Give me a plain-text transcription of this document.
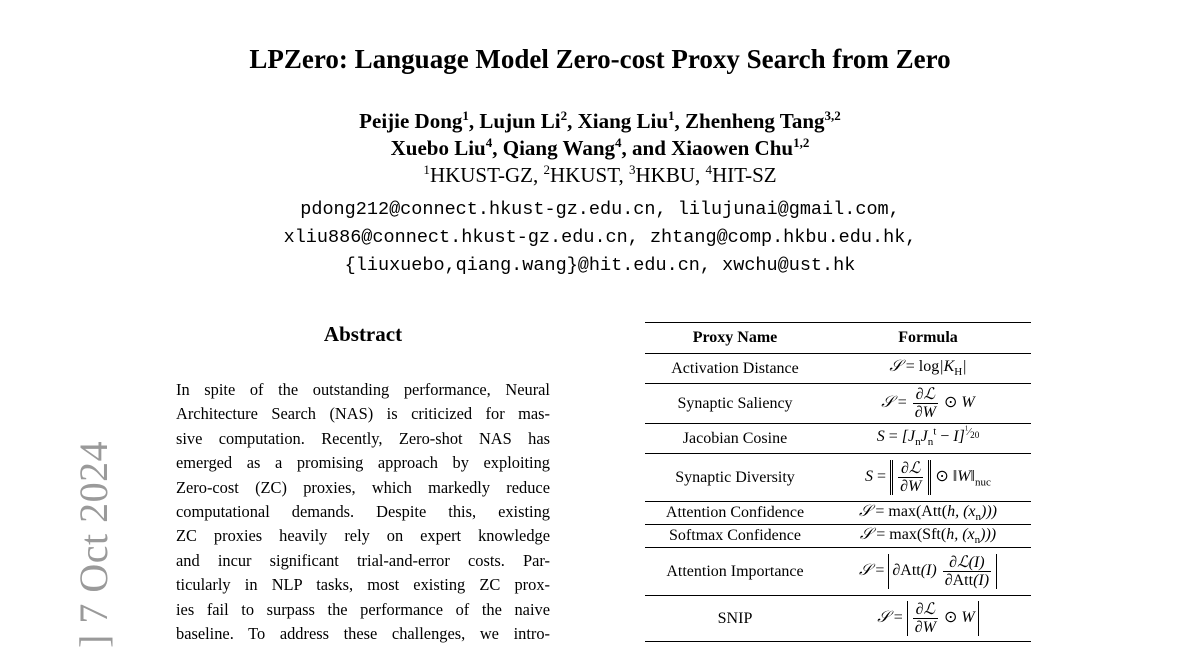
] 7 Oct 2024
LPZero: Language Model Zero-cost Proxy Search from Zero
Peijie Dong$^1$, Lujun Li$^2$, Xiang Liu$^1$, Zhenheng Tang$^{3,2}$
Xuebo Liu$^4$, Qiang Wang$^4$, and Xiaowen Chu$^{1,2}$
$^1$HKUST-GZ, $^2$HKUST, $^3$HKBU, $^4$HIT-SZ
pdong212@connect.hkust-gz.edu.cn, lilujunai@gmail.com,
xliu886@connect.hkust-gz.edu.cn, zhtang@comp.hkbu.edu.hk,
{liuxuebo,qiang.wang}@hit.edu.cn, xwchu@ust.hk
Abstract
In spite of the outstanding performance, Neural
Architecture Search (NAS) is criticized for mas-
sive computation. Recently, Zero-shot NAS has
emerged as a promising approach by exploiting
Zero-cost (ZC) proxies, which markedly reduce
computational demands. Despite this, existing
ZC proxies heavily rely on expert knowledge
and incur significant trial-and-error costs. Par-
ticularly in NLP tasks, most existing ZC prox-
ies fail to surpass the performance of the naive
baseline. To address these challenges, we intro-
Proxy Name	Formula
Activation Distance	𝒮 = $\log|K_H|$
Synaptic Saliency	𝒮 = $\frac{\text{∂ℒ}}{\partial W}$ ⊙ W
Jacobian Cosine	$S = [J_nJ_n^t - I]^{^1⁄_{20}}$
Synaptic Diversity	$S = \frac{\text{∂ℒ}}{\partial W}$ ⊙ $‖W‖_{nuc}$
Attention Confidence	𝒮 = max(Att(h, $(x_n)$))
Softmax Confidence	𝒮 = max(Sft(h, $(x_n)$))
Attention Importance	𝒮 = $\partial Att(I) \frac{\text{∂ℒ(I)}}{\text{∂Att(I)}}$

SNIP	𝒮 = $\frac{\text{∂ℒ}}{\partial W}$ ⊙ W
